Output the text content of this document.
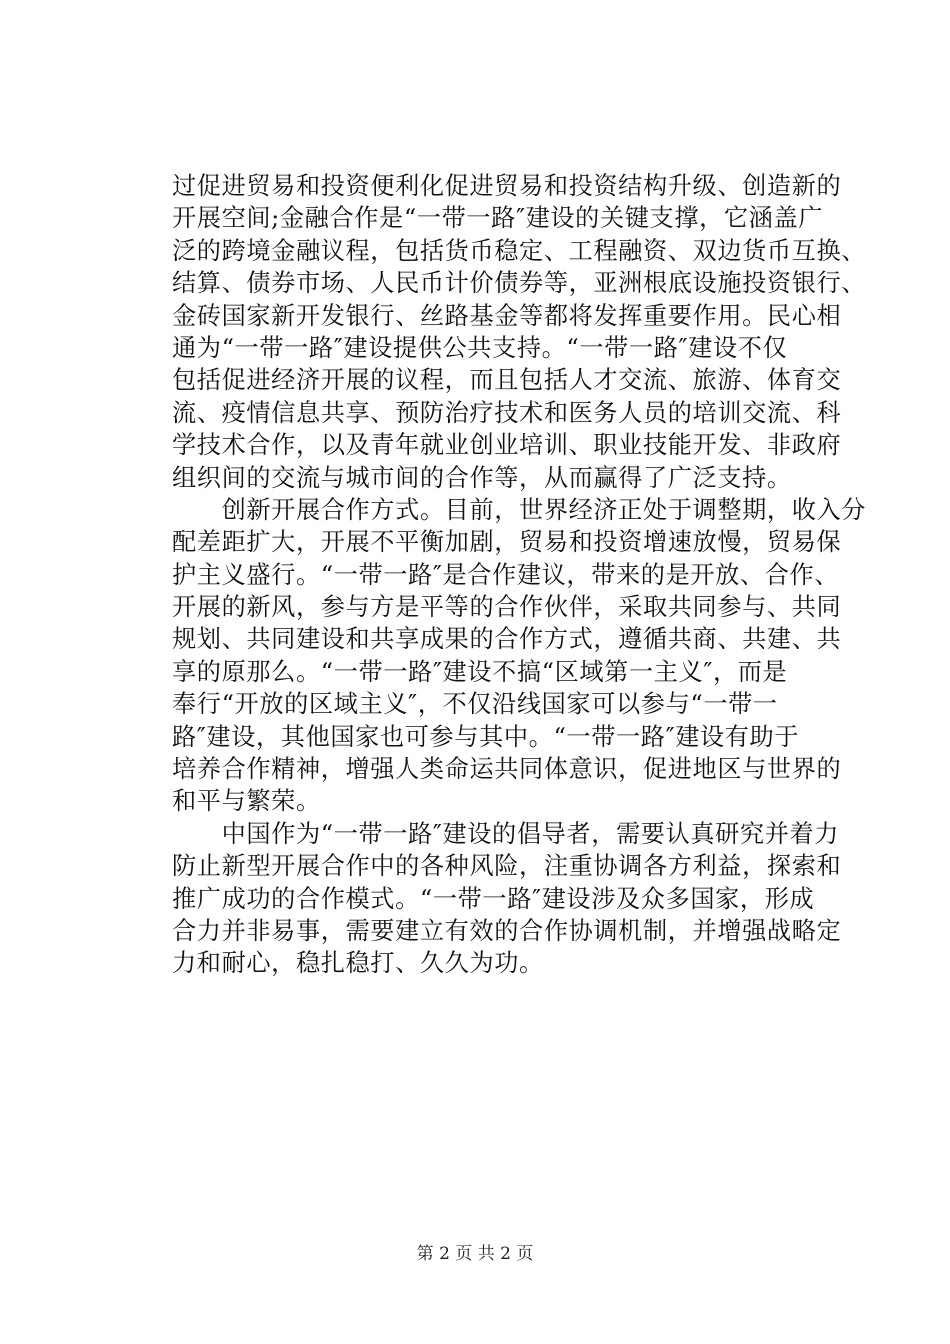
过促进贸易和投资便利化促进贸易和投资结构升级、创造新的
开展空间;金融合作是“一带一路″建设的关键支撑，它涵盖广
泛的跨境金融议程，包括货币稳定、工程融资、双边货币互换、
结算、债券市场、人民币计价债券等，亚洲根底设施投资银行、
金砖国家新开发银行、丝路基金等都将发挥重要作用。民心相
通为“一带一路″建设提供公共支持。“一带一路″建设不仅
包括促进经济开展的议程，而且包括人才交流、旅游、体育交
流、疫情信息共享、预防治疗技术和医务人员的培训交流、科
学技术合作，以及青年就业创业培训、职业技能开发、非政府
组织间的交流与城市间的合作等，从而赢得了广泛支持。
　　创新开展合作方式。目前，世界经济正处于调整期，收入分
配差距扩大，开展不平衡加剧，贸易和投资增速放慢，贸易保
护主义盛行。“一带一路″是合作建议，带来的是开放、合作、
开展的新风，参与方是平等的合作伙伴，采取共同参与、共同
规划、共同建设和共享成果的合作方式，遵循共商、共建、共
享的原那么。“一带一路″建设不搞“区域第一主义″，而是
奉行“开放的区域主义″，不仅沿线国家可以参与“一带一
路″建设，其他国家也可参与其中。“一带一路″建设有助于
培养合作精神，增强人类命运共同体意识，促进地区与世界的
和平与繁荣。
　　中国作为“一带一路″建设的倡导者，需要认真研究并着力
防止新型开展合作中的各种风险，注重协调各方利益，探索和
推广成功的合作模式。“一带一路″建设涉及众多国家，形成
合力并非易事，需要建立有效的合作协调机制，并增强战略定
力和耐心，稳扎稳打、久久为功。
第 2 页 共 2 页
